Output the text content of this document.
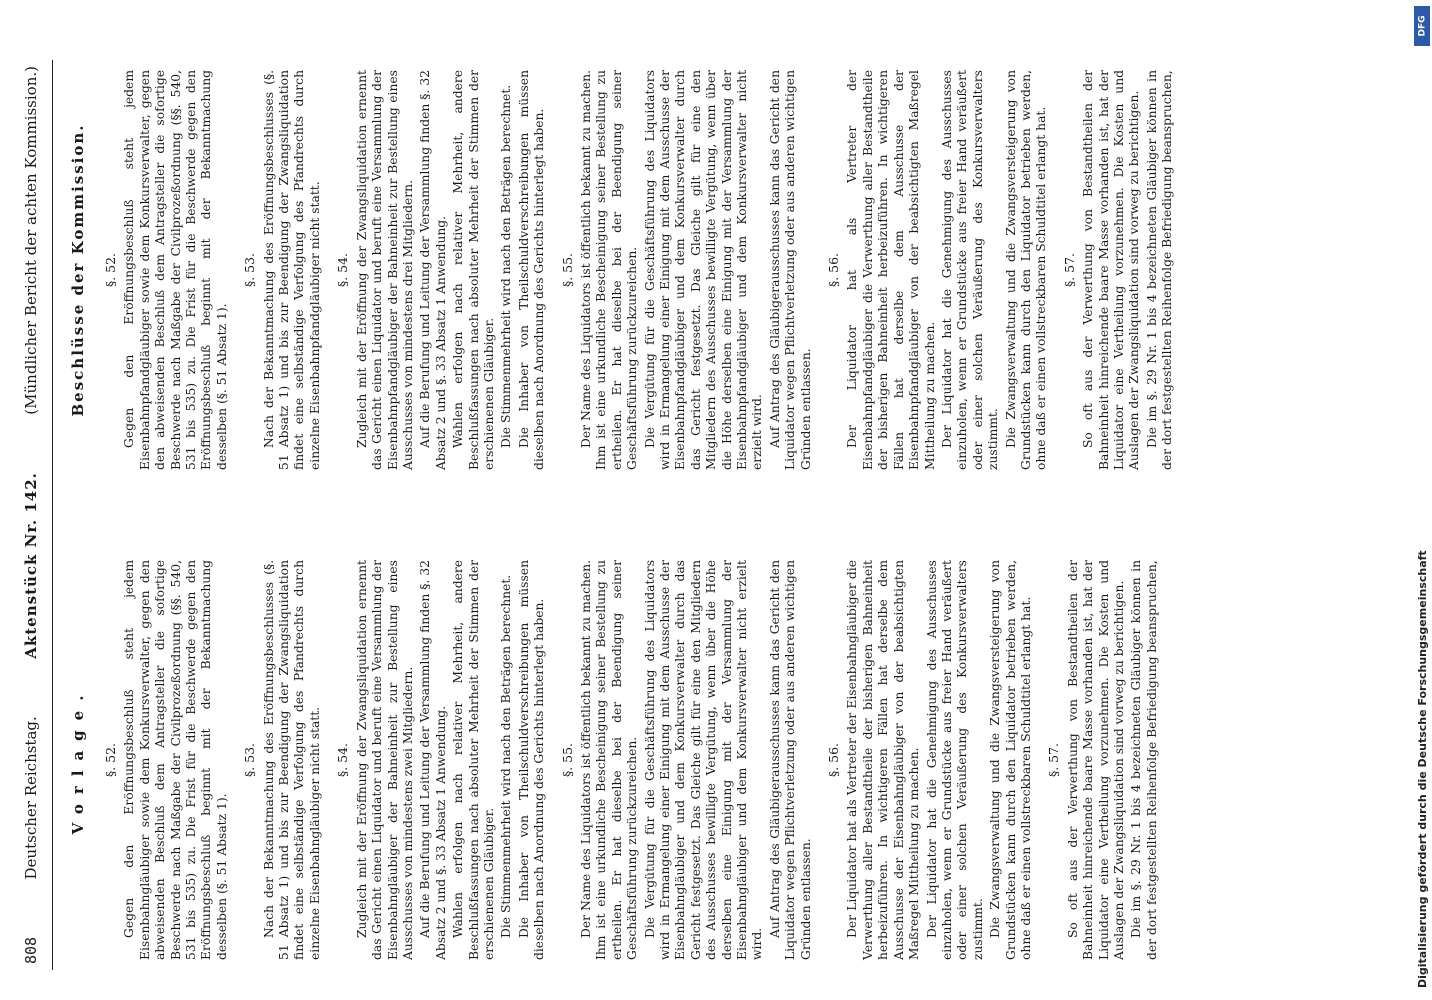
808
Deutscher Reichstag.
Aktenstück Nr. 142.
(Mündlicher Bericht der achten Kommission.)
Vorlage.	§. 52. Gegen den Eröffnungsbeschluß steht jedem Eisenbahngläubiger sowie dem Konkursverwalter, gegen den abweisenden Beschluß dem Antragsteller die sofortige Beschwerde nach Maßgabe der Civilprozeßordnung (§§. 540, 531 bis 535) zu. Die Frist für die Beschwerde gegen den Eröffnungsbeschluß beginnt mit der Bekanntmachung desselben (§. 51 Absatz 1).

§. 53. Nach der Bekanntmachung des Eröffnungsbeschlusses (§. 51 Absatz 1) und bis zur Beendigung der Zwangsliquidation findet eine selbständige Verfolgung des Pfandrechts durch einzelne Eisenbahngläubiger nicht statt. §. 54. Zugleich mit der Eröffnung der Zwangsliquidation ernennt das Gericht einen Liquidator und beruft eine Versammlung der Eisenbahngläubiger der Bahneinheit zur Bestellung eines Ausschusses von mindestens zwei Mitgliedern. Auf die Berufung und Leitung der Versammlung finden §. 32 Absatz 2 und §. 33 Absatz 1 Anwendung. Wahlen erfolgen nach relativer Mehrheit, andere Beschlußfassungen nach absoluter Mehrheit der Stimmen der erschienenen Gläubiger. Die Stimmenmehrheit wird nach den Beträgen berechnet. Die Inhaber von Theilschuldverschreibungen müssen dieselben nach Anordnung des Gerichts hinterlegt haben. §. 55. Der Name des Liquidators ist öffentlich bekannt zu machen. Ihm ist eine urkundliche Bescheinigung seiner Bestellung zu ertheilen. Er hat dieselbe bei der Beendigung seiner Geschäftsführung zurückzureichen. Die Vergütung für die Geschäftsführung des Liquidators wird in Ermangelung einer Einigung mit dem Ausschusse der Eisenbahngläubiger und dem Konkursverwalter durch das Gericht festgesetzt. Das Gleiche gilt für eine den Mitgliedern des Ausschusses bewilligte Vergütung, wenn über die Höhe derselben eine Einigung mit der Versammlung der Eisenbahngläubiger und dem Konkursverwalter nicht erzielt wird.

Auf Antrag des Gläubigerausschusses kann das Gericht den Liquidator wegen Pflichtverletzung oder aus anderen wichtigen Gründen entlassen.

§. 56. Der Liquidator hat als Vertreter der Eisenbahngläubiger die Verwerthung aller Bestandtheile der bisherigen Bahneinheit herbeizuführen. In wichtigeren Fällen hat derselbe dem Ausschusse der Eisenbahngläubiger von der beabsichtigten Maßregel Mittheilung zu machen. Der Liquidator hat die Genehmigung des Ausschusses einzuholen, wenn er Grundstücke aus freier Hand veräußert oder einer solchen Veräußerung des Konkursverwalters zustimmt. Die Zwangsverwaltung und die Zwangsversteigerung von Grundstücken kann durch den Liquidator betrieben werden, ohne daß er einen vollstreckbaren Schuldtitel erlangt hat. §. 57. So oft aus der Verwerthung von Bestandtheilen der Bahneinheit hinreichende baare Masse vorhanden ist, hat der Liquidator eine Vertheilung vorzunehmen. Die Kosten und Auslagen der Zwangsliquidation sind vorweg zu berichtigen. Die im §. 29 Nr. 1 bis 4 bezeichneten Gläubiger können in der dort festgestellten Reihenfolge Befriedigung beanspruchen,

Beschlüsse der Kommission.	§. 52. Gegen den Eröffnungsbeschluß steht jedem Eisenbahnpfandgläubiger sowie dem Konkursverwalter, gegen den abweisenden Beschluß dem Antragsteller die sofortige Beschwerde nach Maßgabe der Civilprozeßordnung (§§. 540, 531 bis 535) zu. Die Frist für die Beschwerde gegen den Eröffnungsbeschluß beginnt mit der Bekanntmachung desselben (§. 51 Absatz 1).

§. 53. Nach der Bekanntmachung des Eröffnungsbeschlusses (§. 51 Absatz 1) und bis zur Beendigung der Zwangsliquidation findet eine selbständige Verfolgung des Pfandrechts durch einzelne Eisenbahnpfandgläubiger nicht statt. §. 54. Zugleich mit der Eröffnung der Zwangsliquidation ernennt das Gericht einen Liquidator und beruft eine Versammlung der Eisenbahnpfandgläubiger der Bahneinheit zur Bestellung eines Ausschusses von mindestens drei Mitgliedern. Auf die Berufung und Leitung der Versammlung finden §. 32 Absatz 2 und §. 33 Absatz 1 Anwendung. Wahlen erfolgen nach relativer Mehrheit, andere Beschlußfassungen nach absoluter Mehrheit der Stimmen der erschienenen Gläubiger. Die Stimmenmehrheit wird nach den Beträgen berechnet. Die Inhaber von Theilschuldverschreibungen müssen dieselben nach Anordnung des Gerichts hinterlegt haben. §. 55. Der Name des Liquidators ist öffentlich bekannt zu machen. Ihm ist eine urkundliche Bescheinigung seiner Bestellung zu ertheilen. Er hat dieselbe bei der Beendigung seiner Geschäftsführung zurückzureichen. Die Vergütung für die Geschäftsführung des Liquidators wird in Ermangelung einer Einigung mit dem Ausschusse der Eisenbahnpfandgläubiger und dem Konkursverwalter durch das Gericht festgesetzt. Das Gleiche gilt für eine den Mitgliedern des Ausschusses bewilligte Vergütung, wenn über die Höhe derselben eine Einigung mit der Versammlung der Eisenbahnpfandgläubiger und dem Konkursverwalter nicht erzielt wird. Auf Antrag des Gläubigerausschusses kann das Gericht den Liquidator wegen Pflichtverletzung oder aus anderen wichtigen Gründen entlassen.

§. 56. Der Liquidator hat als Vertreter der Eisenbahnpfandgläubiger die Verwerthung aller Bestandtheile der bisherigen Bahneinheit herbeizuführen. In wichtigeren Fällen hat derselbe dem Ausschusse der Eisenbahnpfandgläubiger von der beabsichtigten Maßregel Mittheilung zu machen. Der Liquidator hat die Genehmigung des Ausschusses einzuholen, wenn er Grundstücke aus freier Hand veräußert oder einer solchen Veräußerung des Konkursverwalters zustimmt. Die Zwangsverwaltung und die Zwangsversteigerung von Grundstücken kann durch den Liquidator betrieben werden, ohne daß er einen vollstreckbaren Schuldtitel erlangt hat. §. 57. So oft aus der Verwerthung von Bestandtheilen der Bahneinheit hinreichende baare Masse vorhanden ist, hat der Liquidator eine Vertheilung vorzunehmen. Die Kosten und Auslagen der Zwangsliquidation sind vorweg zu berichtigen. Die im §. 29 Nr. 1 bis 4 bezeichneten Gläubiger können in der dort festgestellten Reihenfolge Befriedigung beanspruchen,

Digitalisierung gefördert durch die Deutsche Forschungsgemeinschaft
DFG
